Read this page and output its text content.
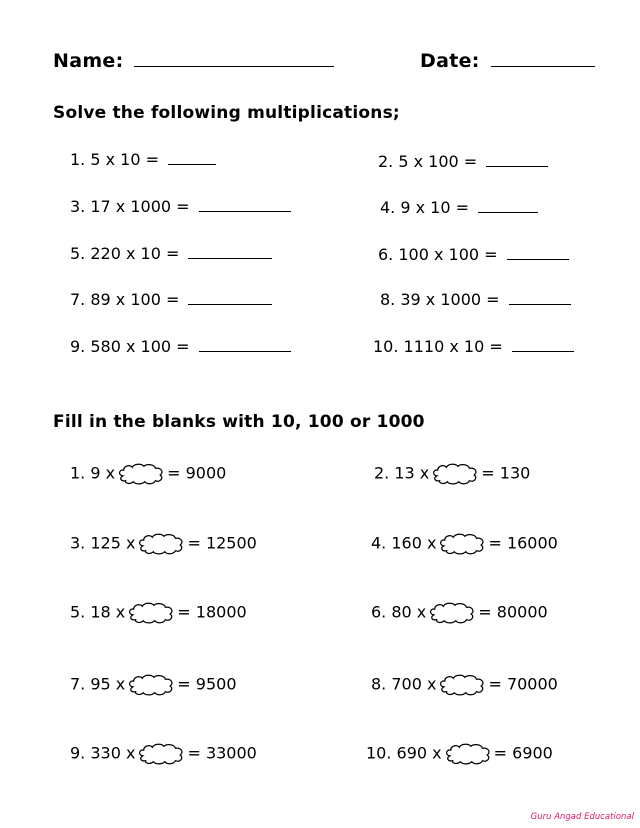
Name:	Date:
Solve the following multiplications;
1. 5 x 10 =	2. 5 x 100 =
3. 17 x 1000 =	4. 9 x 10 =
5. 220 x 10 =	6. 100 x 100 =
7. 89 x 100 =	8. 39 x 1000 =
9. 580 x 100 =	10. 1110 x 10 =
Fill in the blanks with 10, 100 or 1000
1. 9 x	= 9000	2. 13 x	= 130
3. 125 x	= 12500	4. 160 x	= 16000
5. 18 x	= 18000	6. 80 x	= 80000
7. 95 x	= 9500	8. 700 x	= 70000
9. 330 x	= 33000	10. 690 x	= 6900
Guru Angad Educational
